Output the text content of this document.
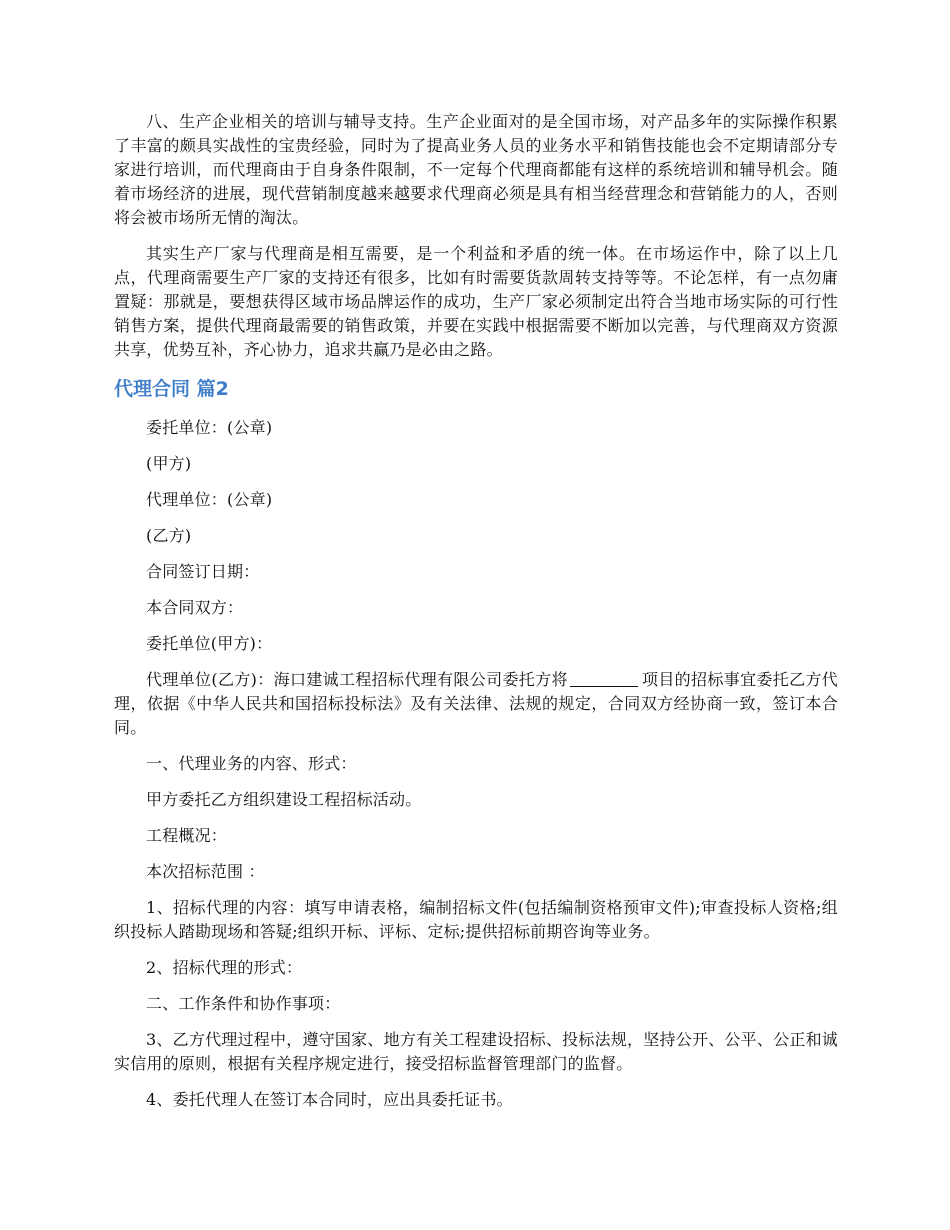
八、生产企业相关的培训与辅导支持。生产企业面对的是全国市场，对产品多年的实际操作积累了丰富的颇具实战性的宝贵经验，同时为了提高业务人员的业务水平和销售技能也会不定期请部分专家进行培训，而代理商由于自身条件限制，不一定每个代理商都能有这样的系统培训和辅导机会。随着市场经济的进展，现代营销制度越来越要求代理商必须是具有相当经营理念和营销能力的人，否则将会被市场所无情的淘汰。

其实生产厂家与代理商是相互需要，是一个利益和矛盾的统一体。在市场运作中，除了以上几点，代理商需要生产厂家的支持还有很多，比如有时需要货款周转支持等等。不论怎样，有一点勿庸置疑：那就是，要想获得区域市场品牌运作的成功，生产厂家必须制定出符合当地市场实际的可行性销售方案，提供代理商最需要的销售政策，并要在实践中根据需要不断加以完善，与代理商双方资源共享，优势互补，齐心协力，追求共赢乃是必由之路。

代理合同 篇2

委托单位：(公章)

(甲方)

代理单位：(公章)

(乙方)

合同签订日期：

本合同双方：

委托单位(甲方)：

代理单位(乙方)：海口建诚工程招标代理有限公司委托方将	项目的招标事宜委托乙方代理，依据《中华人民共和国招标投标法》及有关法律、法规的规定，合同双方经协商一致，签订本合同。

一、代理业务的内容、形式：

甲方委托乙方组织建设工程招标活动。

工程概况：

本次招标范围 ：

1、招标代理的内容：填写申请表格，编制招标文件(包括编制资格预审文件);审查投标人资格;组织投标人踏勘现场和答疑;组织开标、评标、定标;提供招标前期咨询等业务。

2、招标代理的形式：

二、工作条件和协作事项：

3、乙方代理过程中，遵守国家、地方有关工程建设招标、投标法规，坚持公开、公平、公正和诚实信用的原则，根据有关程序规定进行，接受招标监督管理部门的监督。

4、委托代理人在签订本合同时，应出具委托证书。
